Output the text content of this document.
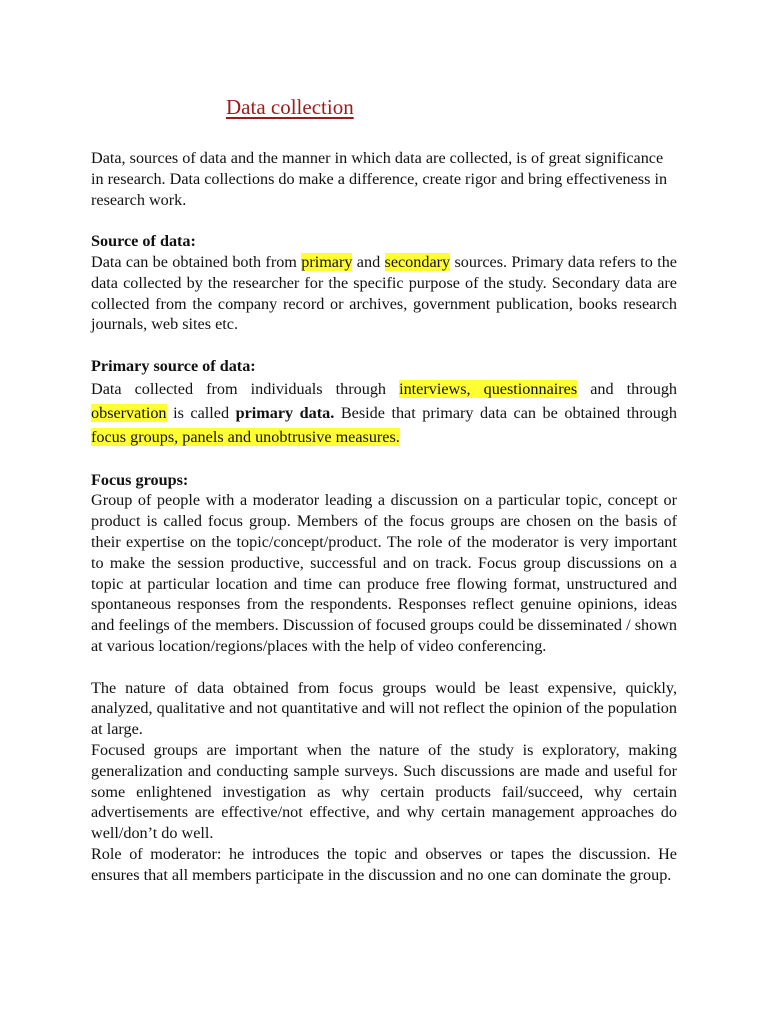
Data collection

Data, sources of data and the manner in which data are collected, is of great significance in research. Data collections do make a difference, create rigor and bring effectiveness in research work.

Source of data:

Data can be obtained both from primary and secondary sources. Primary data refers to the data collected by the researcher for the specific purpose of the study. Secondary data are collected from the company record or archives, government publication, books research journals, web sites etc.

Primary source of data:

Data collected from individuals through interviews, questionnaires and through observation is called primary data. Beside that primary data can be obtained through focus groups, panels and unobtrusive measures.

Focus groups:

Group of people with a moderator leading a discussion on a particular topic, concept or product is called focus group. Members of the focus groups are chosen on the basis of their expertise on the topic/concept/product. The role of the moderator is very important to make the session productive, successful and on track. Focus group discussions on a topic at particular location and time can produce free flowing format, unstructured and spontaneous responses from the respondents. Responses reflect genuine opinions, ideas and feelings of the members. Discussion of focused groups could be disseminated / shown at various location/regions/places with the help of video conferencing.

The nature of data obtained from focus groups would be least expensive, quickly, analyzed, qualitative and not quantitative and will not reflect the opinion of the population at large.

Focused groups are important when the nature of the study is exploratory, making generalization and conducting sample surveys. Such discussions are made and useful for some enlightened investigation as why certain products fail/succeed, why certain advertisements are effective/not effective, and why certain management approaches do well/don’t do well.

Role of moderator: he introduces the topic and observes or tapes the discussion. He ensures that all members participate in the discussion and no one can dominate the group.
